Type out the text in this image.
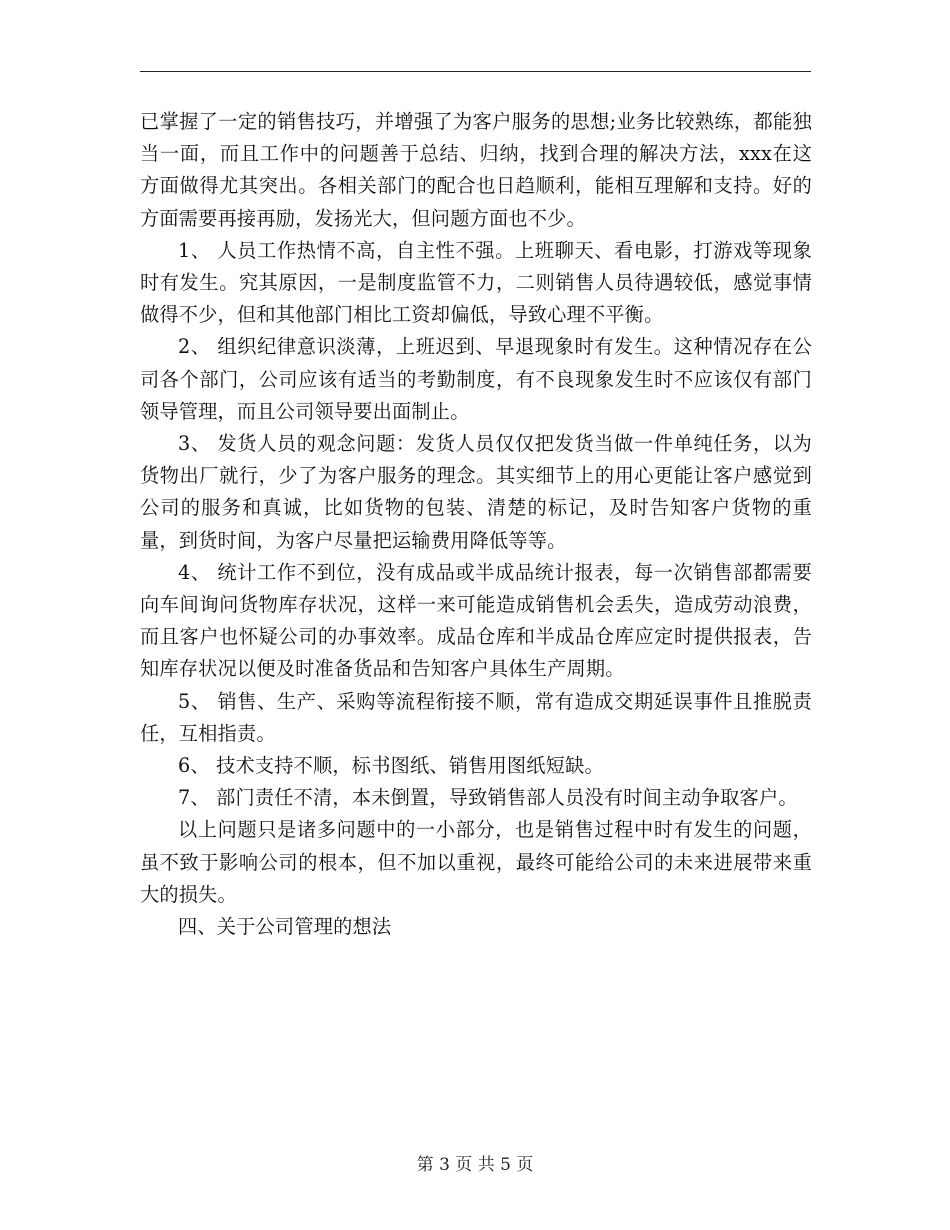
已掌握了一定的销售技巧，并增强了为客户服务的思想;业务比较熟练，都能独当一面，而且工作中的问题善于总结、归纳，找到合理的解决方法，xxx在这方面做得尤其突出。各相关部门的配合也日趋顺利，能相互理解和支持。好的方面需要再接再励，发扬光大，但问题方面也不少。

1、 人员工作热情不高，自主性不强。上班聊天、看电影，打游戏等现象时有发生。究其原因，一是制度监管不力，二则销售人员待遇较低，感觉事情做得不少，但和其他部门相比工资却偏低，导致心理不平衡。

2、 组织纪律意识淡薄，上班迟到、早退现象时有发生。这种情况存在公司各个部门，公司应该有适当的考勤制度，有不良现象发生时不应该仅有部门领导管理，而且公司领导要出面制止。

3、 发货人员的观念问题：发货人员仅仅把发货当做一件单纯任务，以为货物出厂就行，少了为客户服务的理念。其实细节上的用心更能让客户感觉到公司的服务和真诚，比如货物的包装、清楚的标记，及时告知客户货物的重量，到货时间，为客户尽量把运输费用降低等等。

4、 统计工作不到位，没有成品或半成品统计报表，每一次销售部都需要向车间询问货物库存状况，这样一来可能造成销售机会丢失，造成劳动浪费，而且客户也怀疑公司的办事效率。成品仓库和半成品仓库应定时提供报表，告知库存状况以便及时准备货品和告知客户具体生产周期。

5、 销售、生产、采购等流程衔接不顺，常有造成交期延误事件且推脱责任，互相指责。

6、 技术支持不顺，标书图纸、销售用图纸短缺。

7、 部门责任不清，本未倒置，导致销售部人员没有时间主动争取客户。

以上问题只是诸多问题中的一小部分，也是销售过程中时有发生的问题，虽不致于影响公司的根本，但不加以重视，最终可能给公司的未来进展带来重大的损失。

四、关于公司管理的想法

第 3 页 共 5 页
